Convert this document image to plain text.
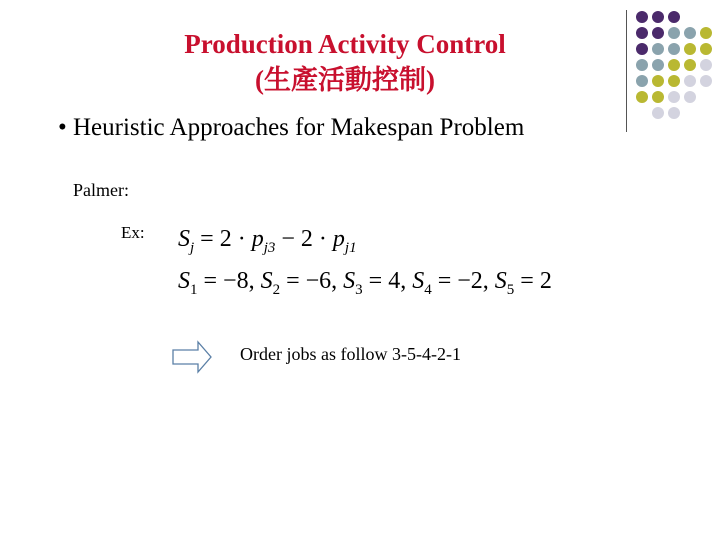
Production Activity Control
(生產活動控制)
• Heuristic Approaches for Makespan Problem
Palmer:
Ex: $S_j = 2 \cdot p_{j3} - 2 \cdot p_{j1}$
$S_1 = -8$, $S_2 = -6$, $S_3 = 4$, $S_4 = -2$, $S_5 = 2$
Order jobs as follow 3-5-4-2-1
